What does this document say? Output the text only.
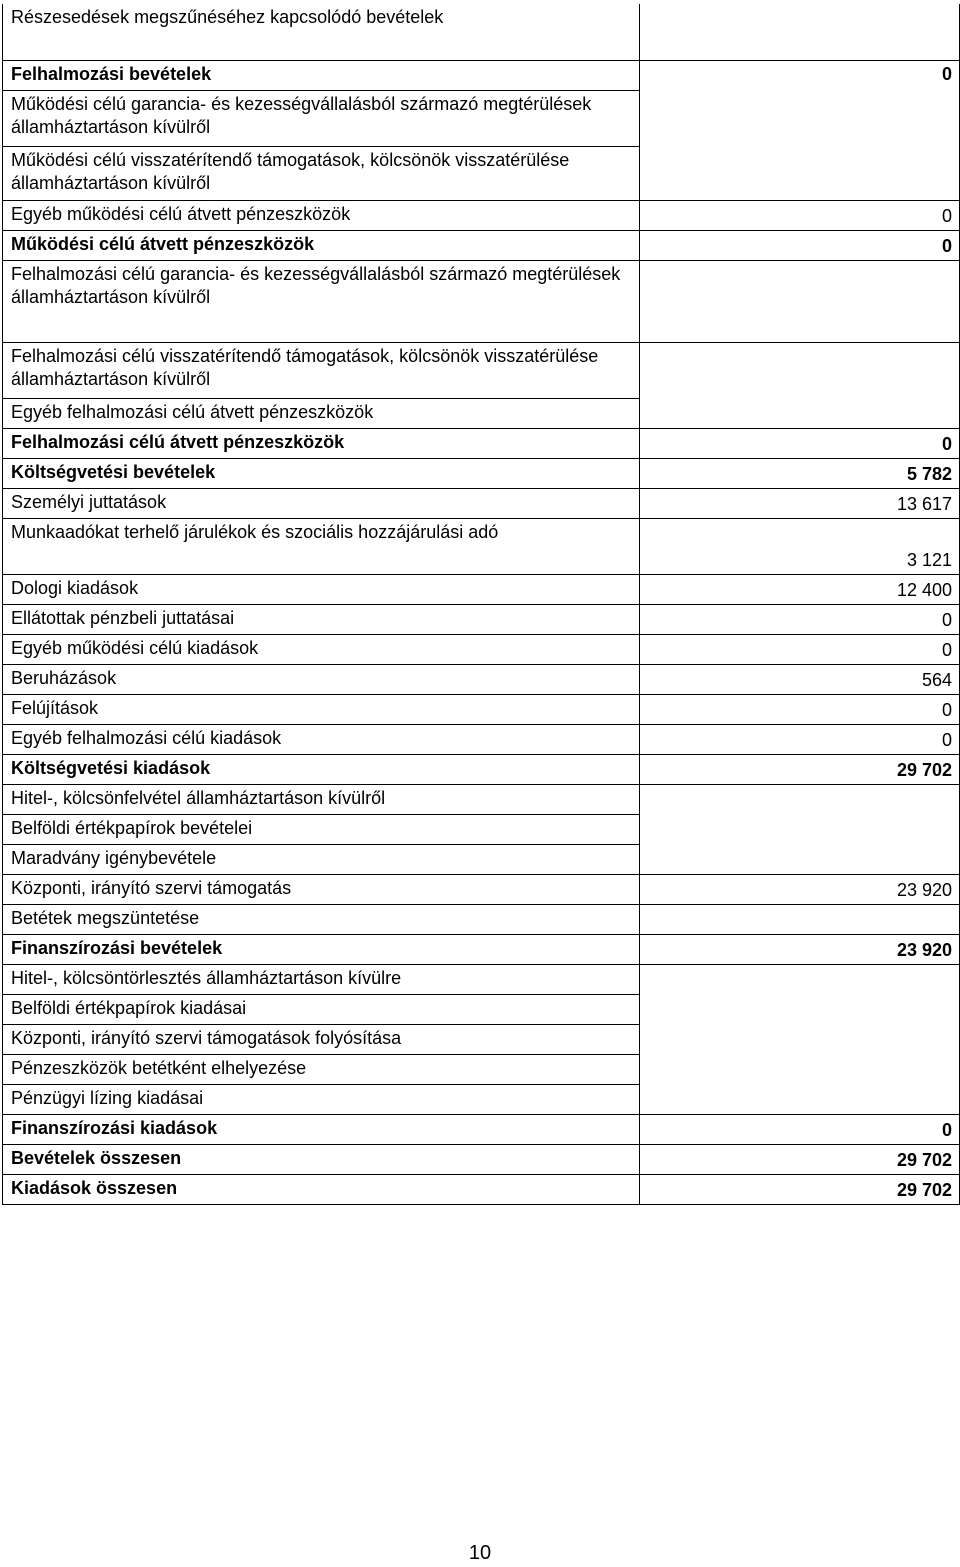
Részesedések megszűnéséhez kapcsolódó bevételek	
Felhalmozási bevételek	0
Működési célú garancia- és kezességvállalásból származó megtérülések államháztartáson kívülről	
Működési célú visszatérítendő támogatások, kölcsönök visszatérülése államháztartáson kívülről	
Egyéb működési célú átvett pénzeszközök	0
Működési célú átvett pénzeszközök	0
Felhalmozási célú garancia- és kezességvállalásból származó megtérülések államháztartáson kívülről	
Felhalmozási célú visszatérítendő támogatások, kölcsönök visszatérülése államháztartáson kívülről	
Egyéb felhalmozási célú átvett pénzeszközök	
Felhalmozási célú átvett pénzeszközök	0
Költségvetési bevételek	5 782
Személyi juttatások	13 617
Munkaadókat terhelő járulékok és szociális hozzájárulási adó	3 121
Dologi kiadások	12 400
Ellátottak pénzbeli juttatásai	0
Egyéb működési célú kiadások	0
Beruházások	564
Felújítások	0
Egyéb felhalmozási célú kiadások	0
Költségvetési kiadások	29 702
Hitel-, kölcsönfelvétel államháztartáson kívülről	
Belföldi értékpapírok bevételei	
Maradvány igénybevétele	
Központi, irányító szervi támogatás	23 920
Betétek megszüntetése	
Finanszírozási bevételek	23 920
Hitel-, kölcsöntörlesztés államháztartáson kívülre	
Belföldi értékpapírok kiadásai	
Központi, irányító szervi támogatások folyósítása	
Pénzeszközök betétként elhelyezése	
Pénzügyi lízing kiadásai	
Finanszírozási kiadások	0
Bevételek összesen	29 702
Kiadások összesen	29 702
10
